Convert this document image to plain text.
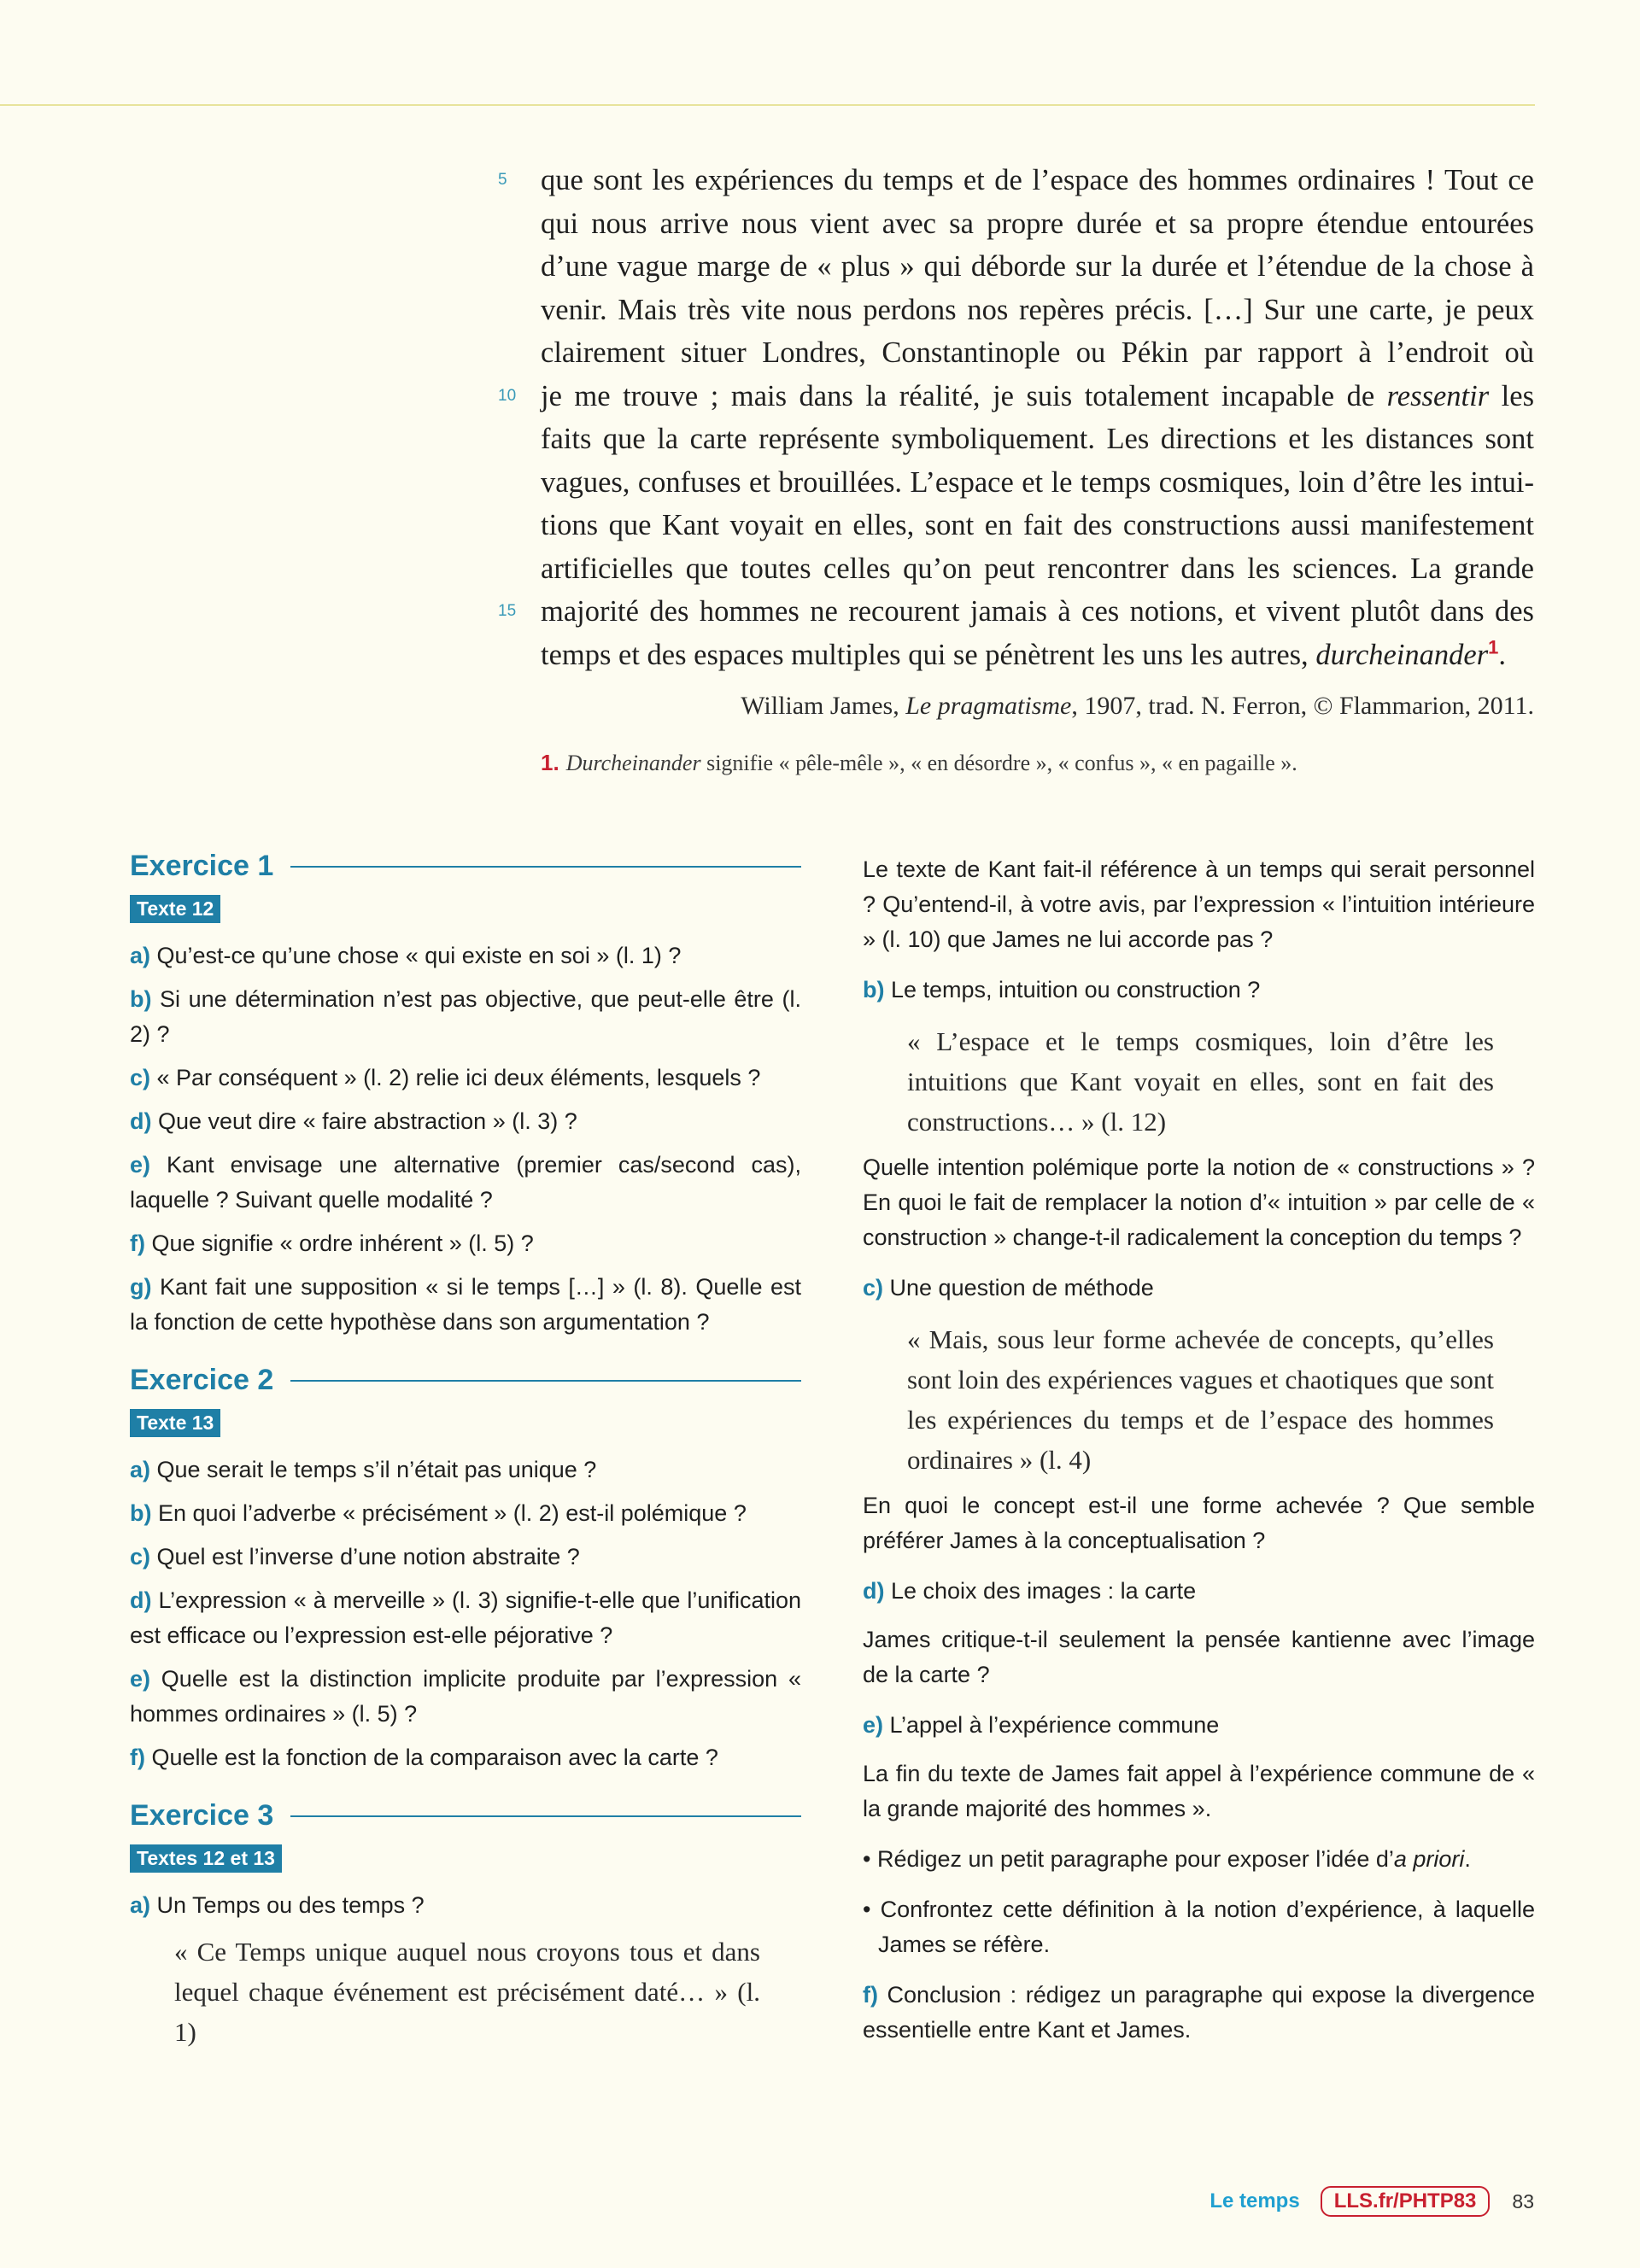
5	que sont les expériences du temps et de l’espace des hommes ordinaires ! Tout ce
qui nous arrive nous vient avec sa propre durée et sa propre étendue entourées
d’une vague marge de « plus » qui déborde sur la durée et l’étendue de la chose à
venir. Mais très vite nous perdons nos repères précis. […] Sur une carte, je peux
clairement situer Londres, Constantinople ou Pékin par rapport à l’endroit où
10 je me trouve ; mais dans la réalité, je suis totalement incapable de ressentir les
faits que la carte représente symboliquement. Les directions et les distances sont
vagues, confuses et brouillées. L’espace et le temps cosmiques, loin d’être les intui-
tions que Kant voyait en elles, sont en fait des constructions aussi manifestement
artificielles que toutes celles qu’on peut rencontrer dans les sciences. La grande
15 majorité des hommes ne recourent jamais à ces notions, et vivent plutôt dans des
temps et des espaces multiples qui se pénètrent les uns les autres, durcheinander$^1$.
William James, Le pragmatisme, 1907, trad. N. Ferron, © Flammarion, 2011.
1. Durcheinander signifie « pêle-mêle », « en désordre », « confus », « en pagaille ».
Exercice 1
Texte 12
a) Qu’est-ce qu’une chose « qui existe en soi » (l. 1) ?
b) Si une détermination n’est pas objective, que peut-elle être (l. 2) ?
c) « Par conséquent » (l. 2) relie ici deux éléments, lesquels ?
d) Que veut dire « faire abstraction » (l. 3) ?
e) Kant envisage une alternative (premier cas/second cas), laquelle ? Suivant quelle modalité ?
f) Que signifie « ordre inhérent » (l. 5) ?
g) Kant fait une supposition « si le temps […] » (l. 8). Quelle est la fonction de cette hypothèse dans son argumentation ?
Exercice 2
Texte 13
a) Que serait le temps s’il n’était pas unique ?
b) En quoi l’adverbe « précisément » (l. 2) est-il polémique ?
c) Quel est l’inverse d’une notion abstraite ?
d) L’expression « à merveille » (l. 3) signifie-t-elle que l’unification est efficace ou l’expression est-elle péjorative ?
e) Quelle est la distinction implicite produite par l’expression « hommes ordinaires » (l. 5) ?
f) Quelle est la fonction de la comparaison avec la carte ?
Exercice 3
Textes 12 et 13
a) Un Temps ou des temps ?
« Ce Temps unique auquel nous croyons tous et dans lequel chaque événement est précisément daté… » (l. 1)
Le texte de Kant fait-il référence à un temps qui serait personnel ? Qu’entend-il, à votre avis, par l’expression « l’intuition intérieure » (l. 10) que James ne lui accorde pas ?
b) Le temps, intuition ou construction ?
« L’espace et le temps cosmiques, loin d’être les intuitions que Kant voyait en elles, sont en fait des constructions… » (l. 12)
Quelle intention polémique porte la notion de « constructions » ? En quoi le fait de remplacer la notion d’« intuition » par celle de « construction » change-t-il radicalement la conception du temps ?
c) Une question de méthode
« Mais, sous leur forme achevée de concepts, qu’elles sont loin des expériences vagues et chaotiques que sont les expériences du temps et de l’espace des hommes ordinaires » (l. 4)
En quoi le concept est-il une forme achevée ? Que semble préférer James à la conceptualisation ?
d) Le choix des images : la carte
James critique-t-il seulement la pensée kantienne avec l’image de la carte ?
e) L’appel à l’expérience commune
La fin du texte de James fait appel à l’expérience commune de « la grande majorité des hommes ».
• Rédigez un petit paragraphe pour exposer l’idée d’a priori.
• Confrontez cette définition à la notion d’expérience, à laquelle James se réfère.
f) Conclusion : rédigez un paragraphe qui expose la divergence essentielle entre Kant et James.
Le temps	LLS.fr/PHTP83	83
